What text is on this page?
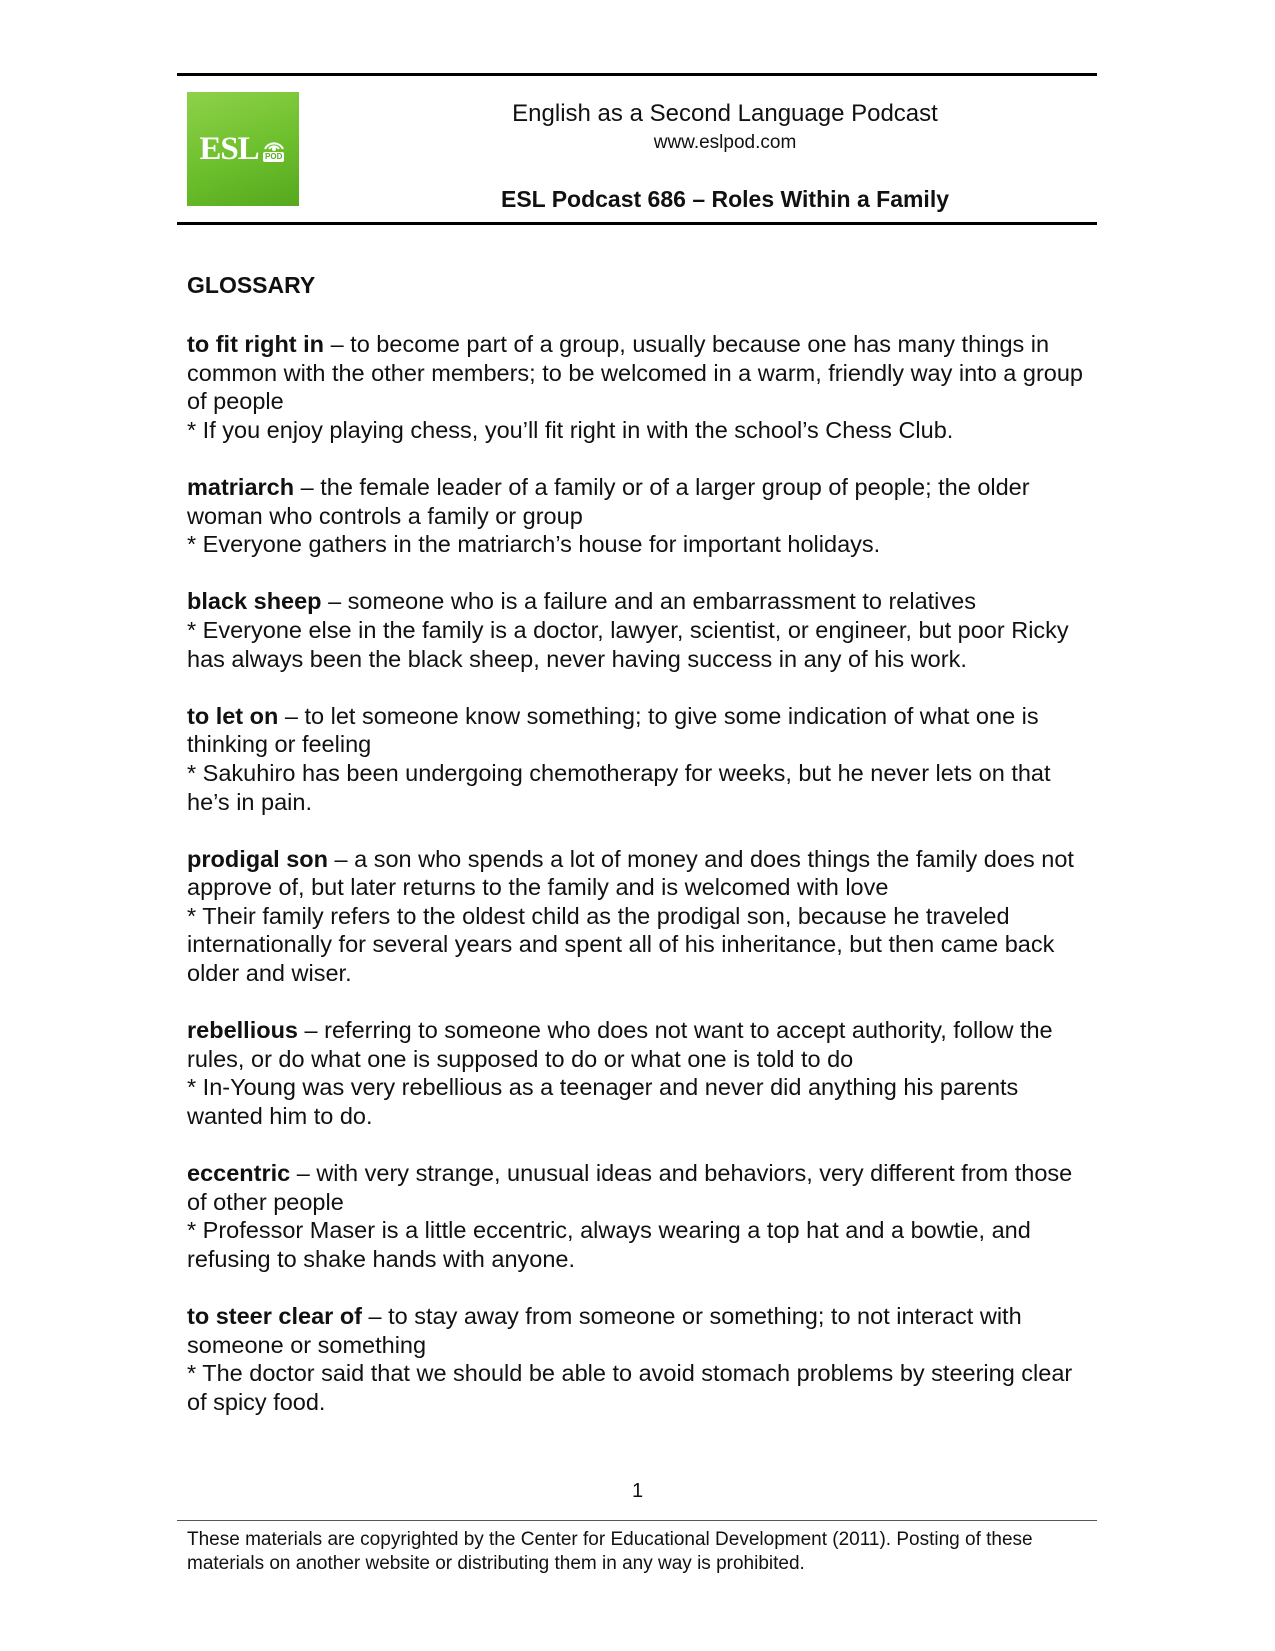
ESL POD
English as a Second Language Podcast
www.eslpod.com
ESL Podcast 686 – Roles Within a Family
GLOSSARY

to fit right in – to become part of a group, usually because one has many things in common with the other members; to be welcomed in a warm, friendly way into a group of people

* If you enjoy playing chess, you’ll fit right in with the school’s Chess Club.

matriarch – the female leader of a family or of a larger group of people; the older woman who controls a family or group

* Everyone gathers in the matriarch’s house for important holidays.

black sheep – someone who is a failure and an embarrassment to relatives

* Everyone else in the family is a doctor, lawyer, scientist, or engineer, but poor Ricky has always been the black sheep, never having success in any of his work.

to let on – to let someone know something; to give some indication of what one is thinking or feeling

* Sakuhiro has been undergoing chemotherapy for weeks, but he never lets on that he’s in pain.

prodigal son – a son who spends a lot of money and does things the family does not approve of, but later returns to the family and is welcomed with love

* Their family refers to the oldest child as the prodigal son, because he traveled internationally for several years and spent all of his inheritance, but then came back older and wiser.

rebellious – referring to someone who does not want to accept authority, follow the rules, or do what one is supposed to do or what one is told to do

* In-Young was very rebellious as a teenager and never did anything his parents wanted him to do.

eccentric – with very strange, unusual ideas and behaviors, very different from those of other people

* Professor Maser is a little eccentric, always wearing a top hat and a bowtie, and refusing to shake hands with anyone.

to steer clear of – to stay away from someone or something; to not interact with someone or something

* The doctor said that we should be able to avoid stomach problems by steering clear of spicy food.

1
These materials are copyrighted by the Center for Educational Development (2011). Posting of these materials on another website or distributing them in any way is prohibited.
